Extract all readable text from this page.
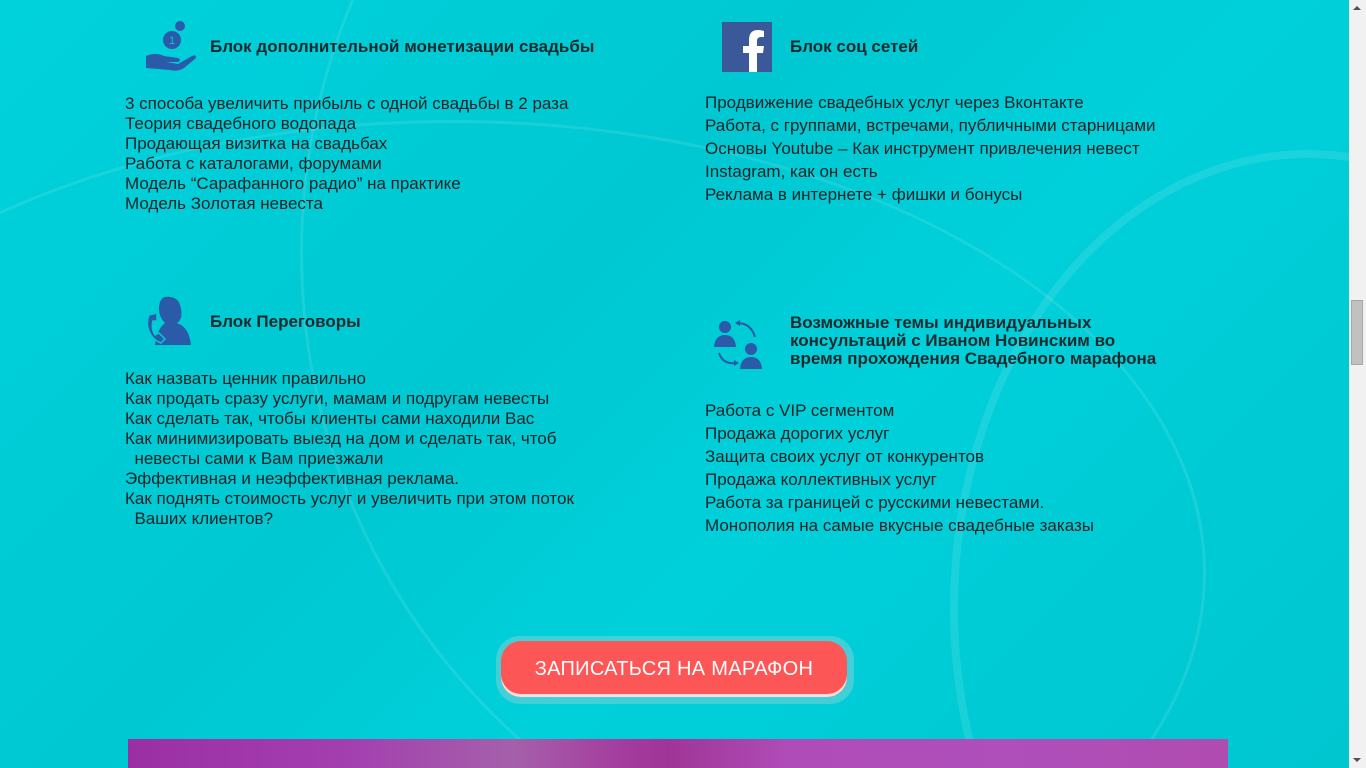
1 Блок дополнительной монетизации свадьбы
3 способа увеличить прибыль с одной свадьбы в 2 раза
Теория свадебного водопада
Продающая визитка на свадьбах
Работа с каталогами, форумами
Модель “Сарафанного радио” на практике
Модель Золотая невеста
Блок соц сетей
Продвижение свадебных услуг через Вконтакте
Работа, с группами, встречами, публичными старницами
Основы Youtube – Как инструмент привлечения невест
Instagram, как он есть
Реклама в интернете + фишки и бонусы
Блок Переговоры
Как назвать ценник правильно
Как продать сразу услуги, мамам и подругам невесты
Как сделать так, чтобы клиенты сами находили Вас
Как минимизировать выезд на дом и сделать так, чтоб
невесты сами к Вам приезжали
Эффективная и неэффективная реклама.
Как поднять стоимость услуг и увеличить при этом поток
Ваших клиентов?
Возможные темы индивидуальных
консультаций с Иваном Новинским во
время прохождения Свадебного марафона
Работа с VIP сегментом
Продажа дорогих услуг
Защита своих услуг от конкурентов
Продажа коллективных услуг
Работа за границей с русскими невестами.
Монополия на самые вкусные свадебные заказы
ЗАПИСАТЬСЯ НА МАРАФОН
